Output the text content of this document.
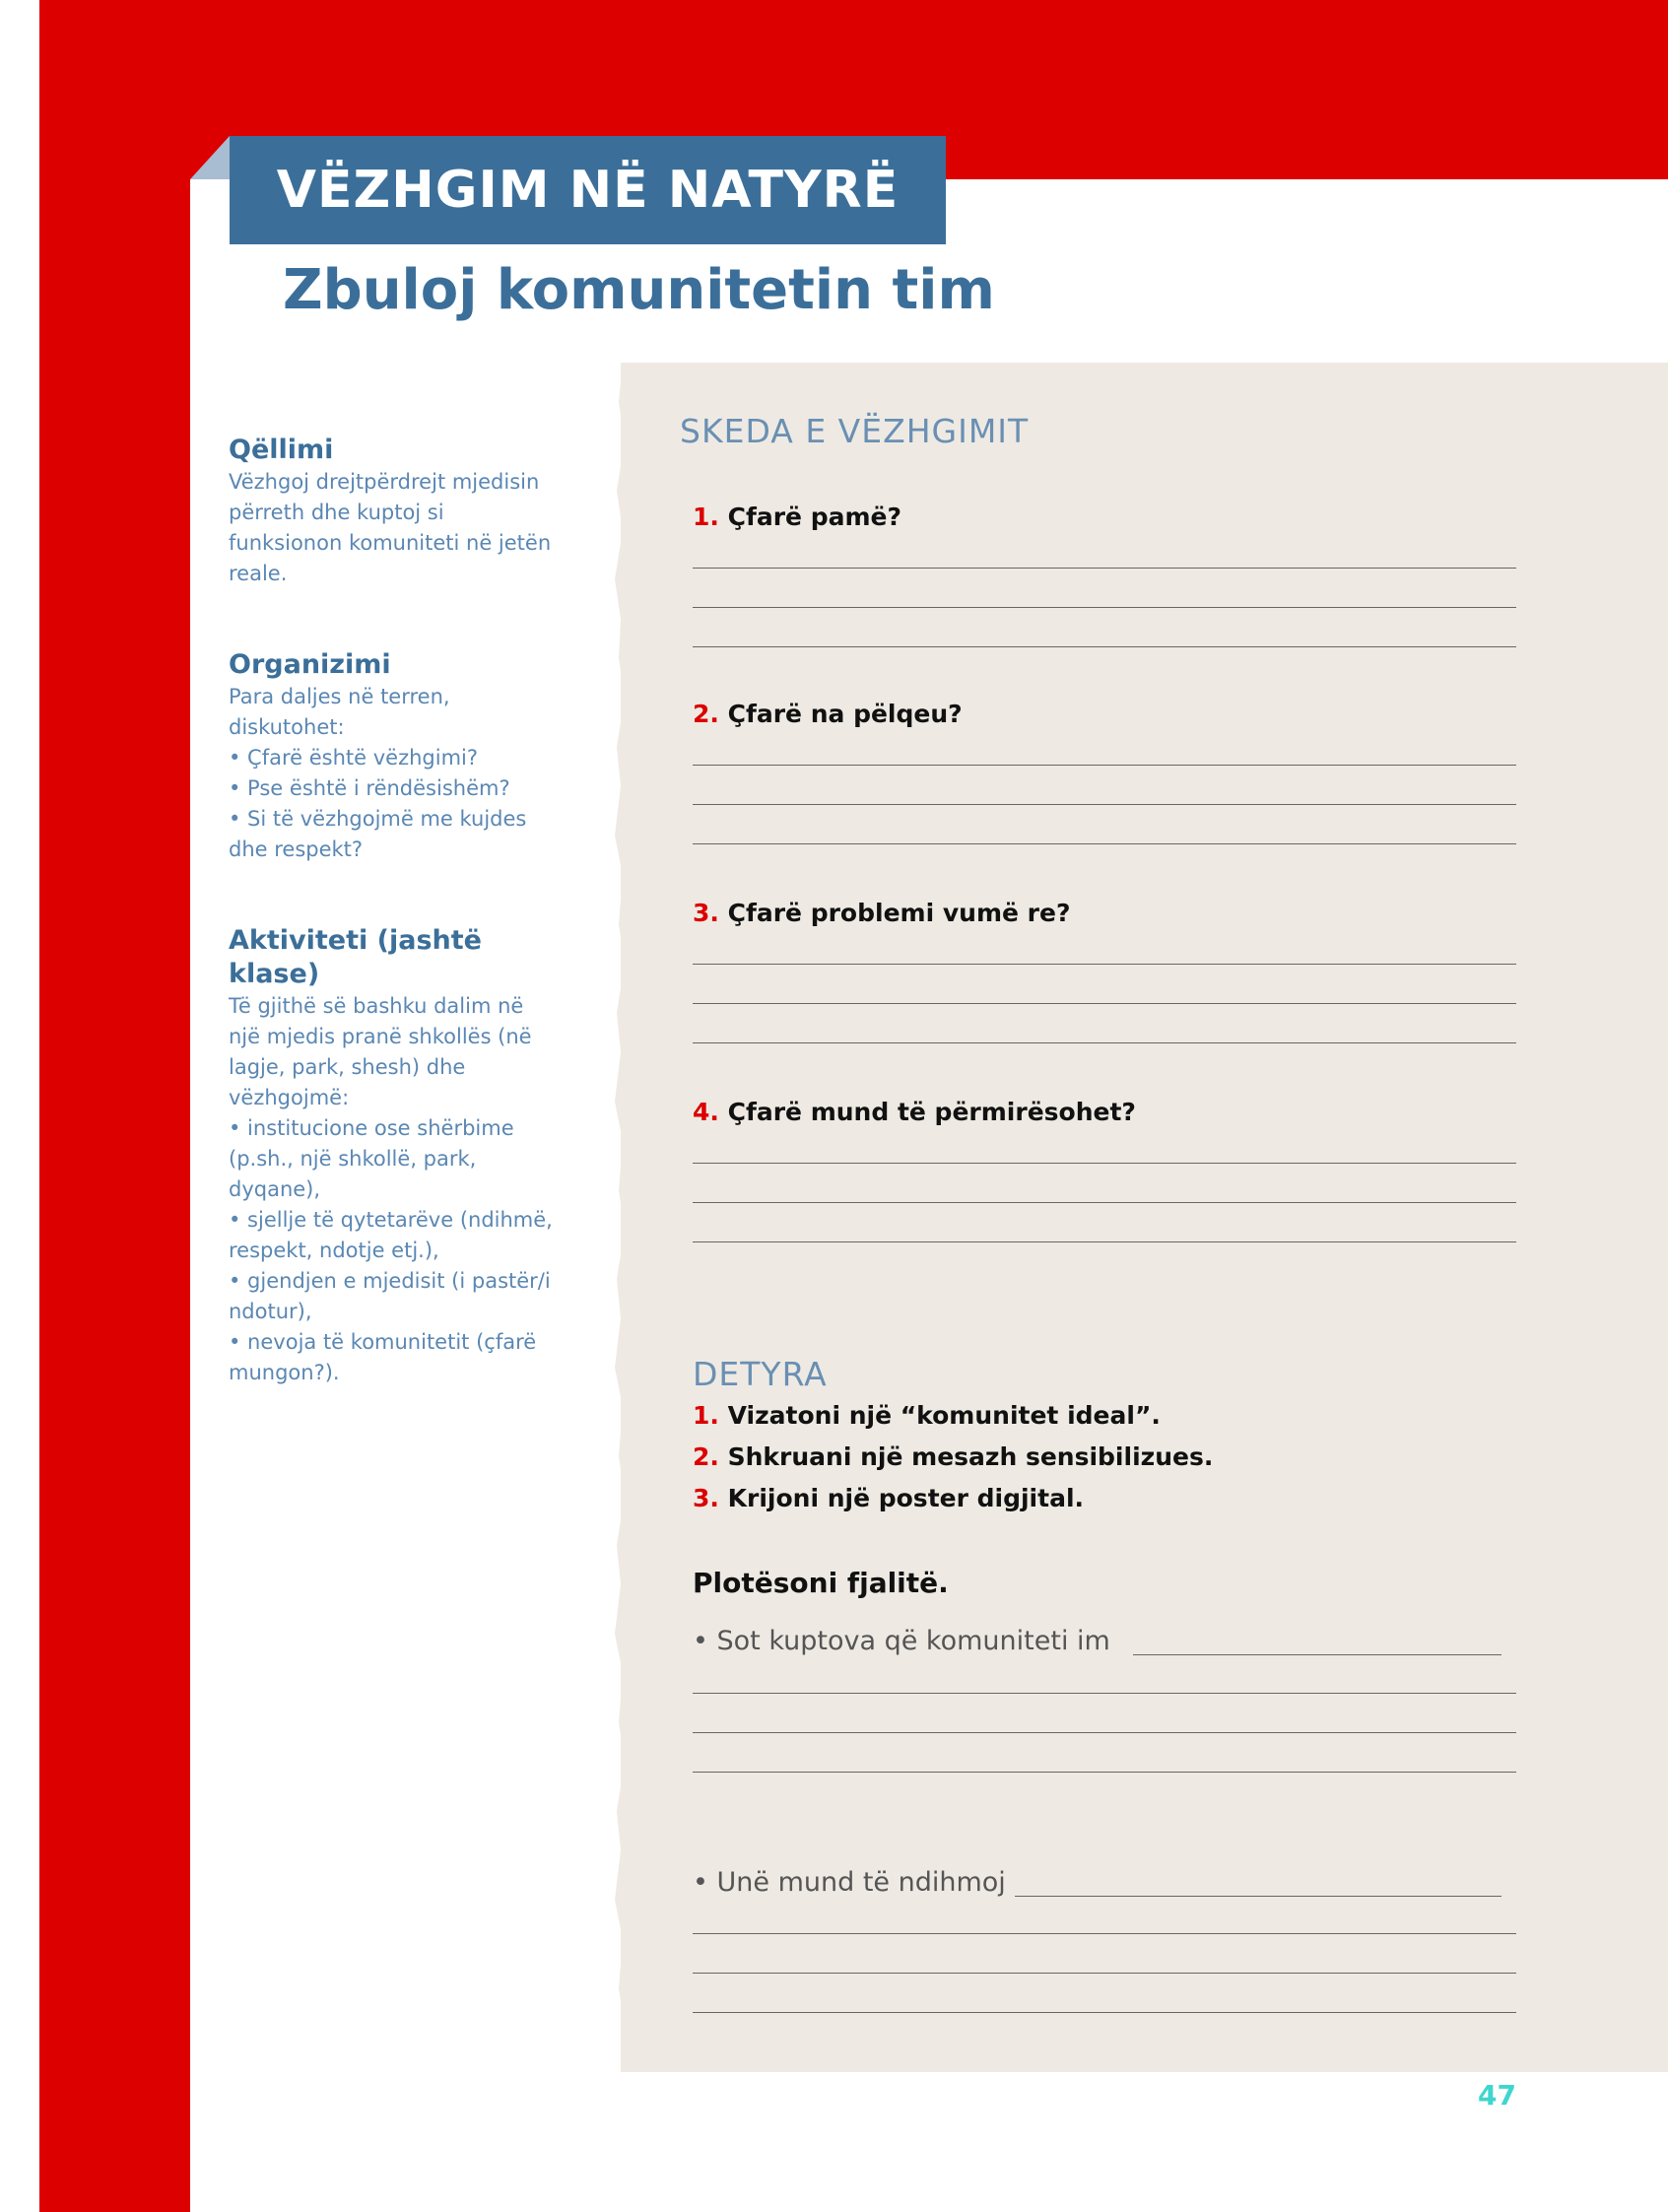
VËZHGIM NË NATYRË
Zbuloj komunitetin tim
Qëllimi
Vëzhgoj drejtpërdrejt mjedisin përreth dhe kuptoj si funksionon komuniteti në jetën reale.
Organizimi
Para daljes në terren, diskutohet:
• Çfarë është vëzhgimi?
• Pse është i rëndësishëm?
• Si të vëzhgojmë me kujdes dhe respekt?
Aktiviteti (jashtë klase)
Të gjithë së bashku dalim në një mjedis pranë shkollës (në lagje, park, shesh) dhe vëzhgojmë:
• institucione ose shërbime (p.sh., një shkollë, park, dyqane),
• sjellje të qytetarëve (ndihmë, respekt, ndotje etj.),
• gjendjen e mjedisit (i pastër/i ndotur),
• nevoja të komunitetit (çfarë mungon?).
SKEDA E VËZHGIMIT
1. Çfarë pamë?
2. Çfarë na pëlqeu?
3. Çfarë problemi vumë re?
4. Çfarë mund të përmirësohet?
DETYRA
1. Vizatoni një “komunitet ideal”.
2. Shkruani një mesazh sensibilizues.
3. Krijoni një poster digjital.
Plotësoni fjalitë.
• Sot kuptova që komuniteti im
• Unë mund të ndihmoj
47
